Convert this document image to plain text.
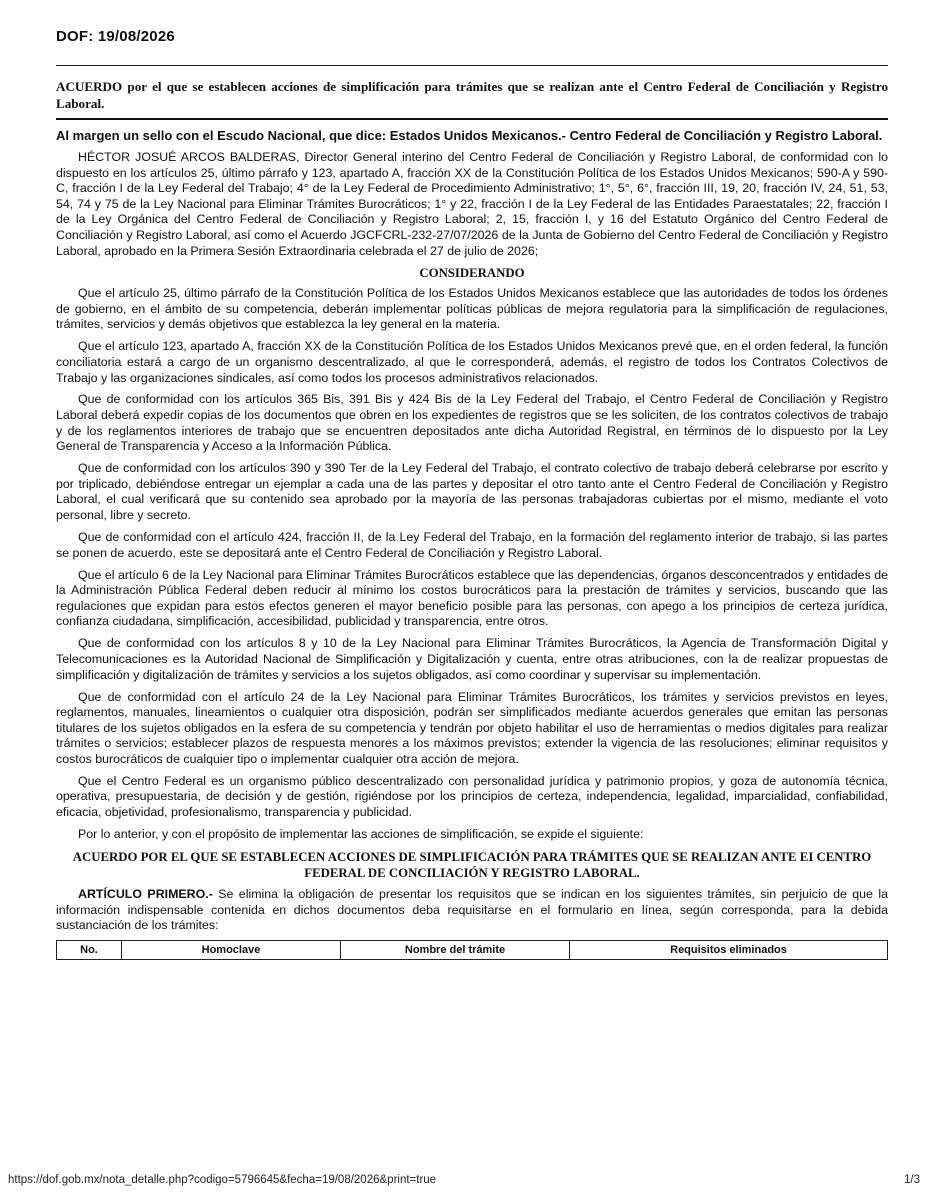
DOF: 19/08/2026

ACUERDO por el que se establecen acciones de simplificación para trámites que se realizan ante el Centro Federal de Conciliación y Registro Laboral.

Al margen un sello con el Escudo Nacional, que dice: Estados Unidos Mexicanos.- Centro Federal de Conciliación y Registro Laboral.

HÉCTOR JOSUÉ ARCOS BALDERAS, Director General interino del Centro Federal de Conciliación y Registro Laboral, de conformidad con lo dispuesto en los artículos 25, último párrafo y 123, apartado A, fracción XX de la Constitución Política de los Estados Unidos Mexicanos; 590-A y 590-C, fracción I de la Ley Federal del Trabajo; 4° de la Ley Federal de Procedimiento Administrativo; 1°, 5°, 6°, fracción III, 19, 20, fracción IV, 24, 51, 53, 54, 74 y 75 de la Ley Nacional para Eliminar Trámites Burocráticos; 1° y 22, fracción I de la Ley Federal de las Entidades Paraestatales; 22, fracción I de la Ley Orgánica del Centro Federal de Conciliación y Registro Laboral; 2, 15, fracción I, y 16 del Estatuto Orgánico del Centro Federal de Conciliación y Registro Laboral, así como el Acuerdo JGCFCRL-232-27/07/2026 de la Junta de Gobierno del Centro Federal de Conciliación y Registro Laboral, aprobado en la Primera Sesión Extraordinaria celebrada el 27 de julio de 2026;

CONSIDERANDO

Que el artículo 25, último párrafo de la Constitución Política de los Estados Unidos Mexicanos establece que las autoridades de todos los órdenes de gobierno, en el ámbito de su competencia, deberán implementar políticas públicas de mejora regulatoria para la simplificación de regulaciones, trámites, servicios y demás objetivos que establezca la ley general en la materia.

Que el artículo 123, apartado A, fracción XX de la Constitución Política de los Estados Unidos Mexicanos prevé que, en el orden federal, la función conciliatoria estará a cargo de un organismo descentralizado, al que le corresponderá, además, el registro de todos los Contratos Colectivos de Trabajo y las organizaciones sindicales, así como todos los procesos administrativos relacionados.

Que de conformidad con los artículos 365 Bis, 391 Bis y 424 Bis de la Ley Federal del Trabajo, el Centro Federal de Conciliación y Registro Laboral deberá expedir copias de los documentos que obren en los expedientes de registros que se les soliciten, de los contratos colectivos de trabajo y de los reglamentos interiores de trabajo que se encuentren depositados ante dicha Autoridad Registral, en términos de lo dispuesto por la Ley General de Transparencia y Acceso a la Información Pública.

Que de conformidad con los artículos 390 y 390 Ter de la Ley Federal del Trabajo, el contrato colectivo de trabajo deberá celebrarse por escrito y por triplicado, debiéndose entregar un ejemplar a cada una de las partes y depositar el otro tanto ante el Centro Federal de Conciliación y Registro Laboral, el cual verificará que su contenido sea aprobado por la mayoría de las personas trabajadoras cubiertas por el mismo, mediante el voto personal, libre y secreto.

Que de conformidad con el artículo 424, fracción II, de la Ley Federal del Trabajo, en la formación del reglamento interior de trabajo, si las partes se ponen de acuerdo, este se depositará ante el Centro Federal de Conciliación y Registro Laboral.

Que el artículo 6 de la Ley Nacional para Eliminar Trámites Burocráticos establece que las dependencias, órganos desconcentrados y entidades de la Administración Pública Federal deben reducir al mínimo los costos burocráticos para la prestación de trámites y servicios, buscando que las regulaciones que expidan para estos efectos generen el mayor beneficio posible para las personas, con apego a los principios de certeza jurídica, confianza ciudadana, simplificación, accesibilidad, publicidad y transparencia, entre otros.

Que de conformidad con los artículos 8 y 10 de la Ley Nacional para Eliminar Trámites Burocráticos, la Agencia de Transformación Digital y Telecomunicaciones es la Autoridad Nacional de Simplificación y Digitalización y cuenta, entre otras atribuciones, con la de realizar propuestas de simplificación y digitalización de trámites y servicios a los sujetos obligados, así como coordinar y supervisar su implementación.

Que de conformidad con el artículo 24 de la Ley Nacional para Eliminar Trámites Burocráticos, los trámites y servicios previstos en leyes, reglamentos, manuales, lineamientos o cualquier otra disposición, podrán ser simplificados mediante acuerdos generales que emitan las personas titulares de los sujetos obligados en la esfera de su competencia y tendrán por objeto habilitar el uso de herramientas o medios digitales para realizar trámites o servicios; establecer plazos de respuesta menores a los máximos previstos; extender la vigencia de las resoluciones; eliminar requisitos y costos burocráticos de cualquier tipo o implementar cualquier otra acción de mejora.

Que el Centro Federal es un organismo público descentralizado con personalidad jurídica y patrimonio propios, y goza de autonomía técnica, operativa, presupuestaria, de decisión y de gestión, rigiéndose por los principios de certeza, independencia, legalidad, imparcialidad, confiabilidad, eficacia, objetividad, profesionalismo, transparencia y publicidad.

Por lo anterior, y con el propósito de implementar las acciones de simplificación, se expide el siguiente:

ACUERDO POR EL QUE SE ESTABLECEN ACCIONES DE SIMPLIFICACIÓN PARA TRÁMITES QUE SE REALIZAN ANTE EI CENTRO FEDERAL DE CONCILIACIÓN Y REGISTRO LABORAL.

ARTÍCULO PRIMERO.- Se elimina la obligación de presentar los requisitos que se indican en los siguientes trámites, sin perjuicio de que la información indispensable contenida en dichos documentos deba requisitarse en el formulario en línea, según corresponda, para la debida sustanciación de los trámites:

No.	Homoclave	Nombre del trámite	Requisitos eliminados
https://dof.gob.mx/nota_detalle.php?codigo=5796645&fecha=19/08/2026&print=true	1/3
